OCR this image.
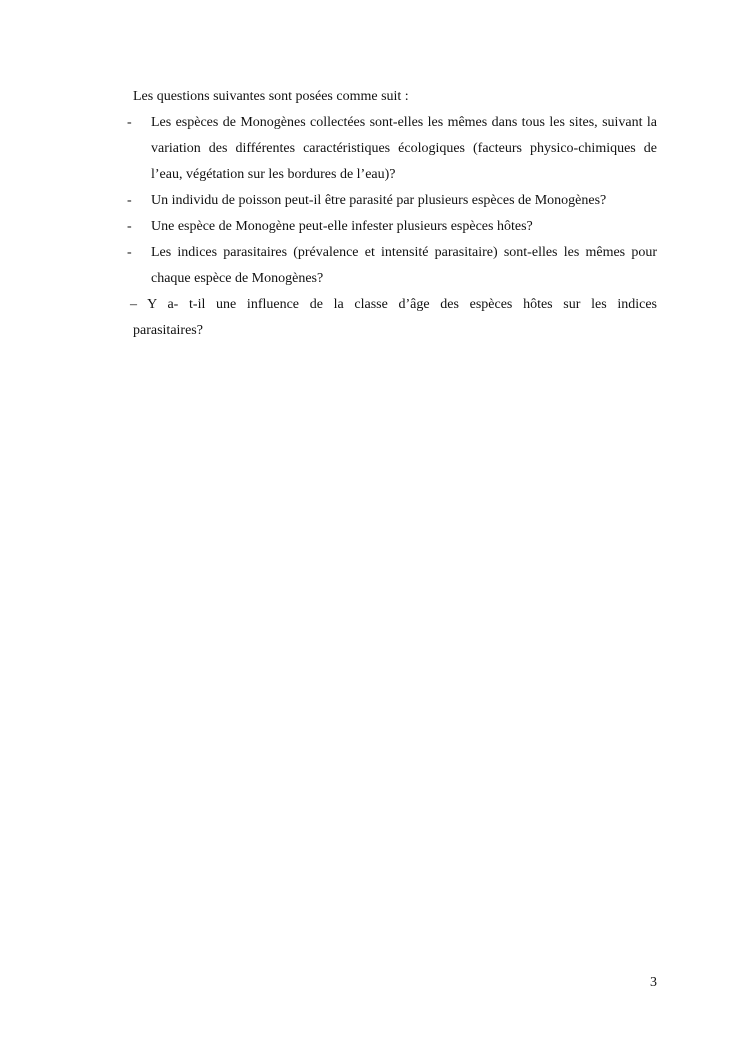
Les questions suivantes sont posées comme suit :

- Les espèces de Monogènes collectées sont-elles les mêmes dans tous les sites, suivant la variation des différentes caractéristiques écologiques (facteurs physico-chimiques de l’eau, végétation sur les bordures de l’eau)?

- Un individu de poisson peut-il être parasité par plusieurs espèces de Monogènes?

- Une espèce de Monogène peut-elle infester plusieurs espèces hôtes?

- Les indices parasitaires (prévalence et intensité parasitaire) sont-elles les mêmes pour chaque espèce de Monogènes?

– Y a- t-il une influence de la classe d’âge des espèces hôtes sur les indices

parasitaires?

3
